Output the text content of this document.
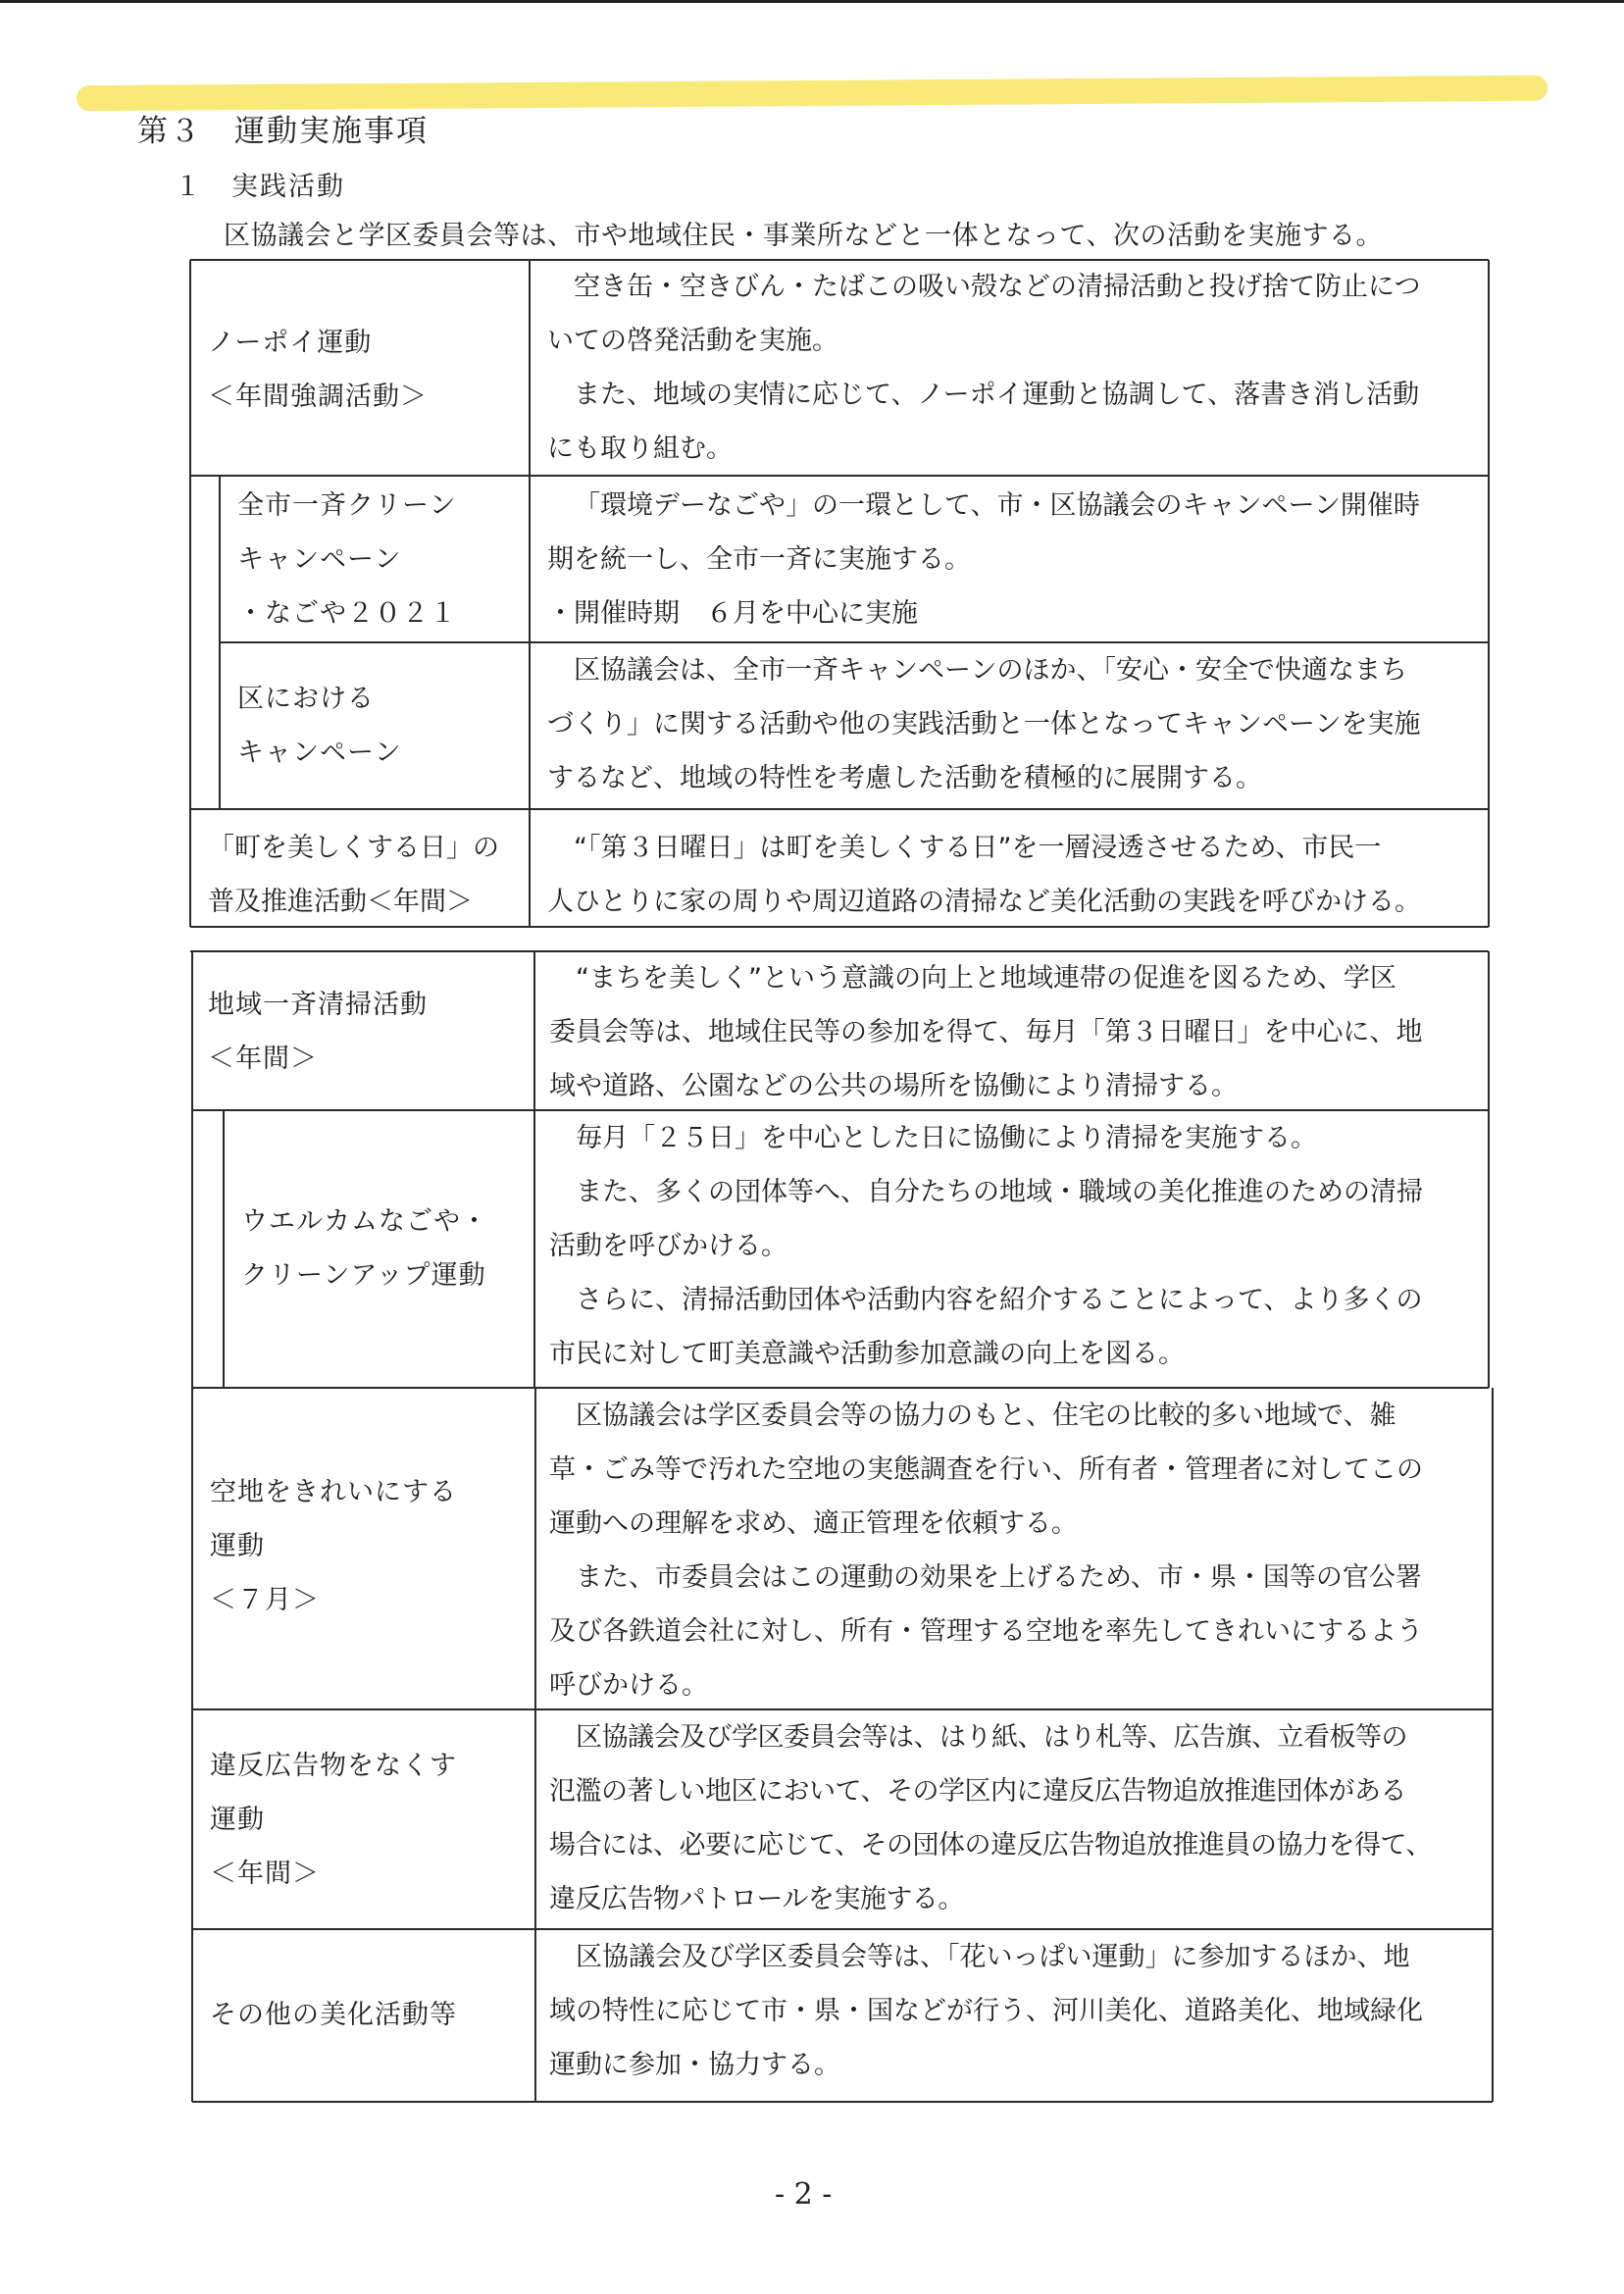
第３　運動実施事項
１　実践活動
区協議会と学区委員会等は、市や地域住民・事業所などと一体となって、次の活動を実施する。
ノーポイ運動
＜年間強調活動＞

空き缶・空きびん・たばこの吸い殻などの清掃活動と投げ捨て防止につ

いての啓発活動を実施。

また、地域の実情に応じて、ノーポイ運動と協調して、落書き消し活動

にも取り組む。

全市一斉クリーン
キャンペーン
・なごや２０２１

「環境デーなごや」の一環として、市・区協議会のキャンペーン開催時

期を統一し、全市一斉に実施する。

・開催時期　６月を中心に実施

区における
キャンペーン

区協議会は、全市一斉キャンペーンのほか、「安心・安全で快適なまち

づくり」に関する活動や他の実践活動と一体となってキャンペーンを実施

するなど、地域の特性を考慮した活動を積極的に展開する。

「町を美しくする日」の
普及推進活動＜年間＞

“「第３日曜日」は町を美しくする日”を一層浸透させるため、市民一

人ひとりに家の周りや周辺道路の清掃など美化活動の実践を呼びかける。

地域一斉清掃活動
＜年間＞

“まちを美しく”という意識の向上と地域連帯の促進を図るため、学区

委員会等は、地域住民等の参加を得て、毎月「第３日曜日」を中心に、地

域や道路、公園などの公共の場所を協働により清掃する。

ウエルカムなごや・
クリーンアップ運動

毎月「２５日」を中心とした日に協働により清掃を実施する。

また、多くの団体等へ、自分たちの地域・職域の美化推進のための清掃

活動を呼びかける。

さらに、清掃活動団体や活動内容を紹介することによって、より多くの

市民に対して町美意識や活動参加意識の向上を図る。

空地をきれいにする
運動
＜７月＞

区協議会は学区委員会等の協力のもと、住宅の比較的多い地域で、雑

草・ごみ等で汚れた空地の実態調査を行い、所有者・管理者に対してこの

運動への理解を求め、適正管理を依頼する。

また、市委員会はこの運動の効果を上げるため、市・県・国等の官公署

及び各鉄道会社に対し、所有・管理する空地を率先してきれいにするよう

呼びかける。

違反広告物をなくす
運動
＜年間＞

区協議会及び学区委員会等は、はり紙、はり札等、広告旗、立看板等の

氾濫の著しい地区において、その学区内に違反広告物追放推進団体がある

場合には、必要に応じて、その団体の違反広告物追放推進員の協力を得て、

違反広告物パトロールを実施する。

その他の美化活動等

区協議会及び学区委員会等は、「花いっぱい運動」に参加するほか、地

域の特性に応じて市・県・国などが行う、河川美化、道路美化、地域緑化

運動に参加・協力する。

- 2 -
